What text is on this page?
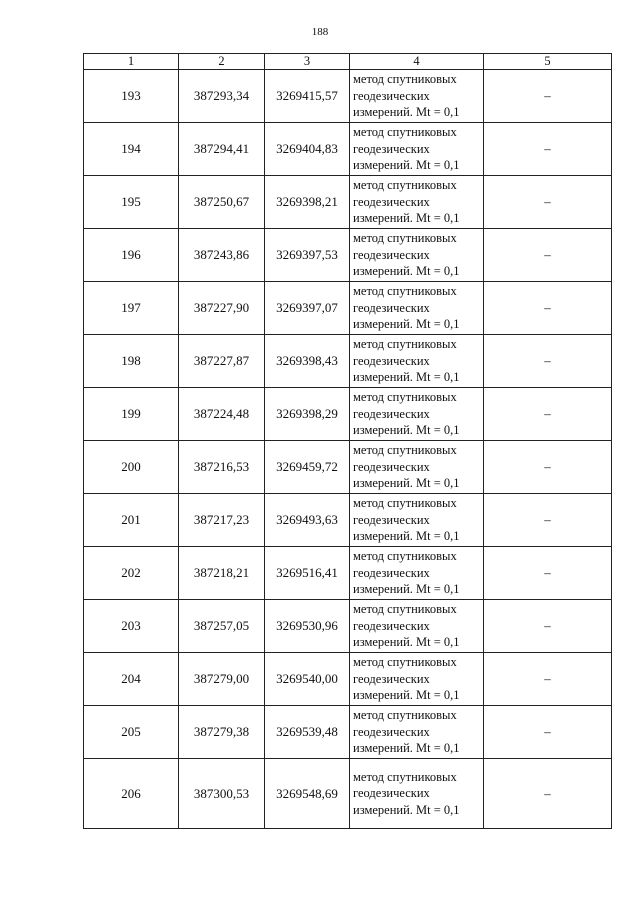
188
1	2	3	4	5
193	387293,34	3269415,57	метод спутниковых
геодезических
измерений. Mt = 0,1	–
194	387294,41	3269404,83	метод спутниковых
геодезических
измерений. Mt = 0,1	–
195	387250,67	3269398,21	метод спутниковых
геодезических
измерений. Mt = 0,1	–
196	387243,86	3269397,53	метод спутниковых
геодезических
измерений. Mt = 0,1	–
197	387227,90	3269397,07	метод спутниковых
геодезических
измерений. Mt = 0,1	–
198	387227,87	3269398,43	метод спутниковых
геодезических
измерений. Mt = 0,1	–
199	387224,48	3269398,29	метод спутниковых
геодезических
измерений. Mt = 0,1	–
200	387216,53	3269459,72	метод спутниковых
геодезических
измерений. Mt = 0,1	–
201	387217,23	3269493,63	метод спутниковых
геодезических
измерений. Mt = 0,1	–
202	387218,21	3269516,41	метод спутниковых
геодезических
измерений. Mt = 0,1	–
203	387257,05	3269530,96	метод спутниковых
геодезических
измерений. Mt = 0,1	–
204	387279,00	3269540,00	метод спутниковых
геодезических
измерений. Mt = 0,1	–
205	387279,38	3269539,48	метод спутниковых
геодезических
измерений. Mt = 0,1	–
206	387300,53	3269548,69	метод спутниковых
геодезических
измерений. Mt = 0,1	–
